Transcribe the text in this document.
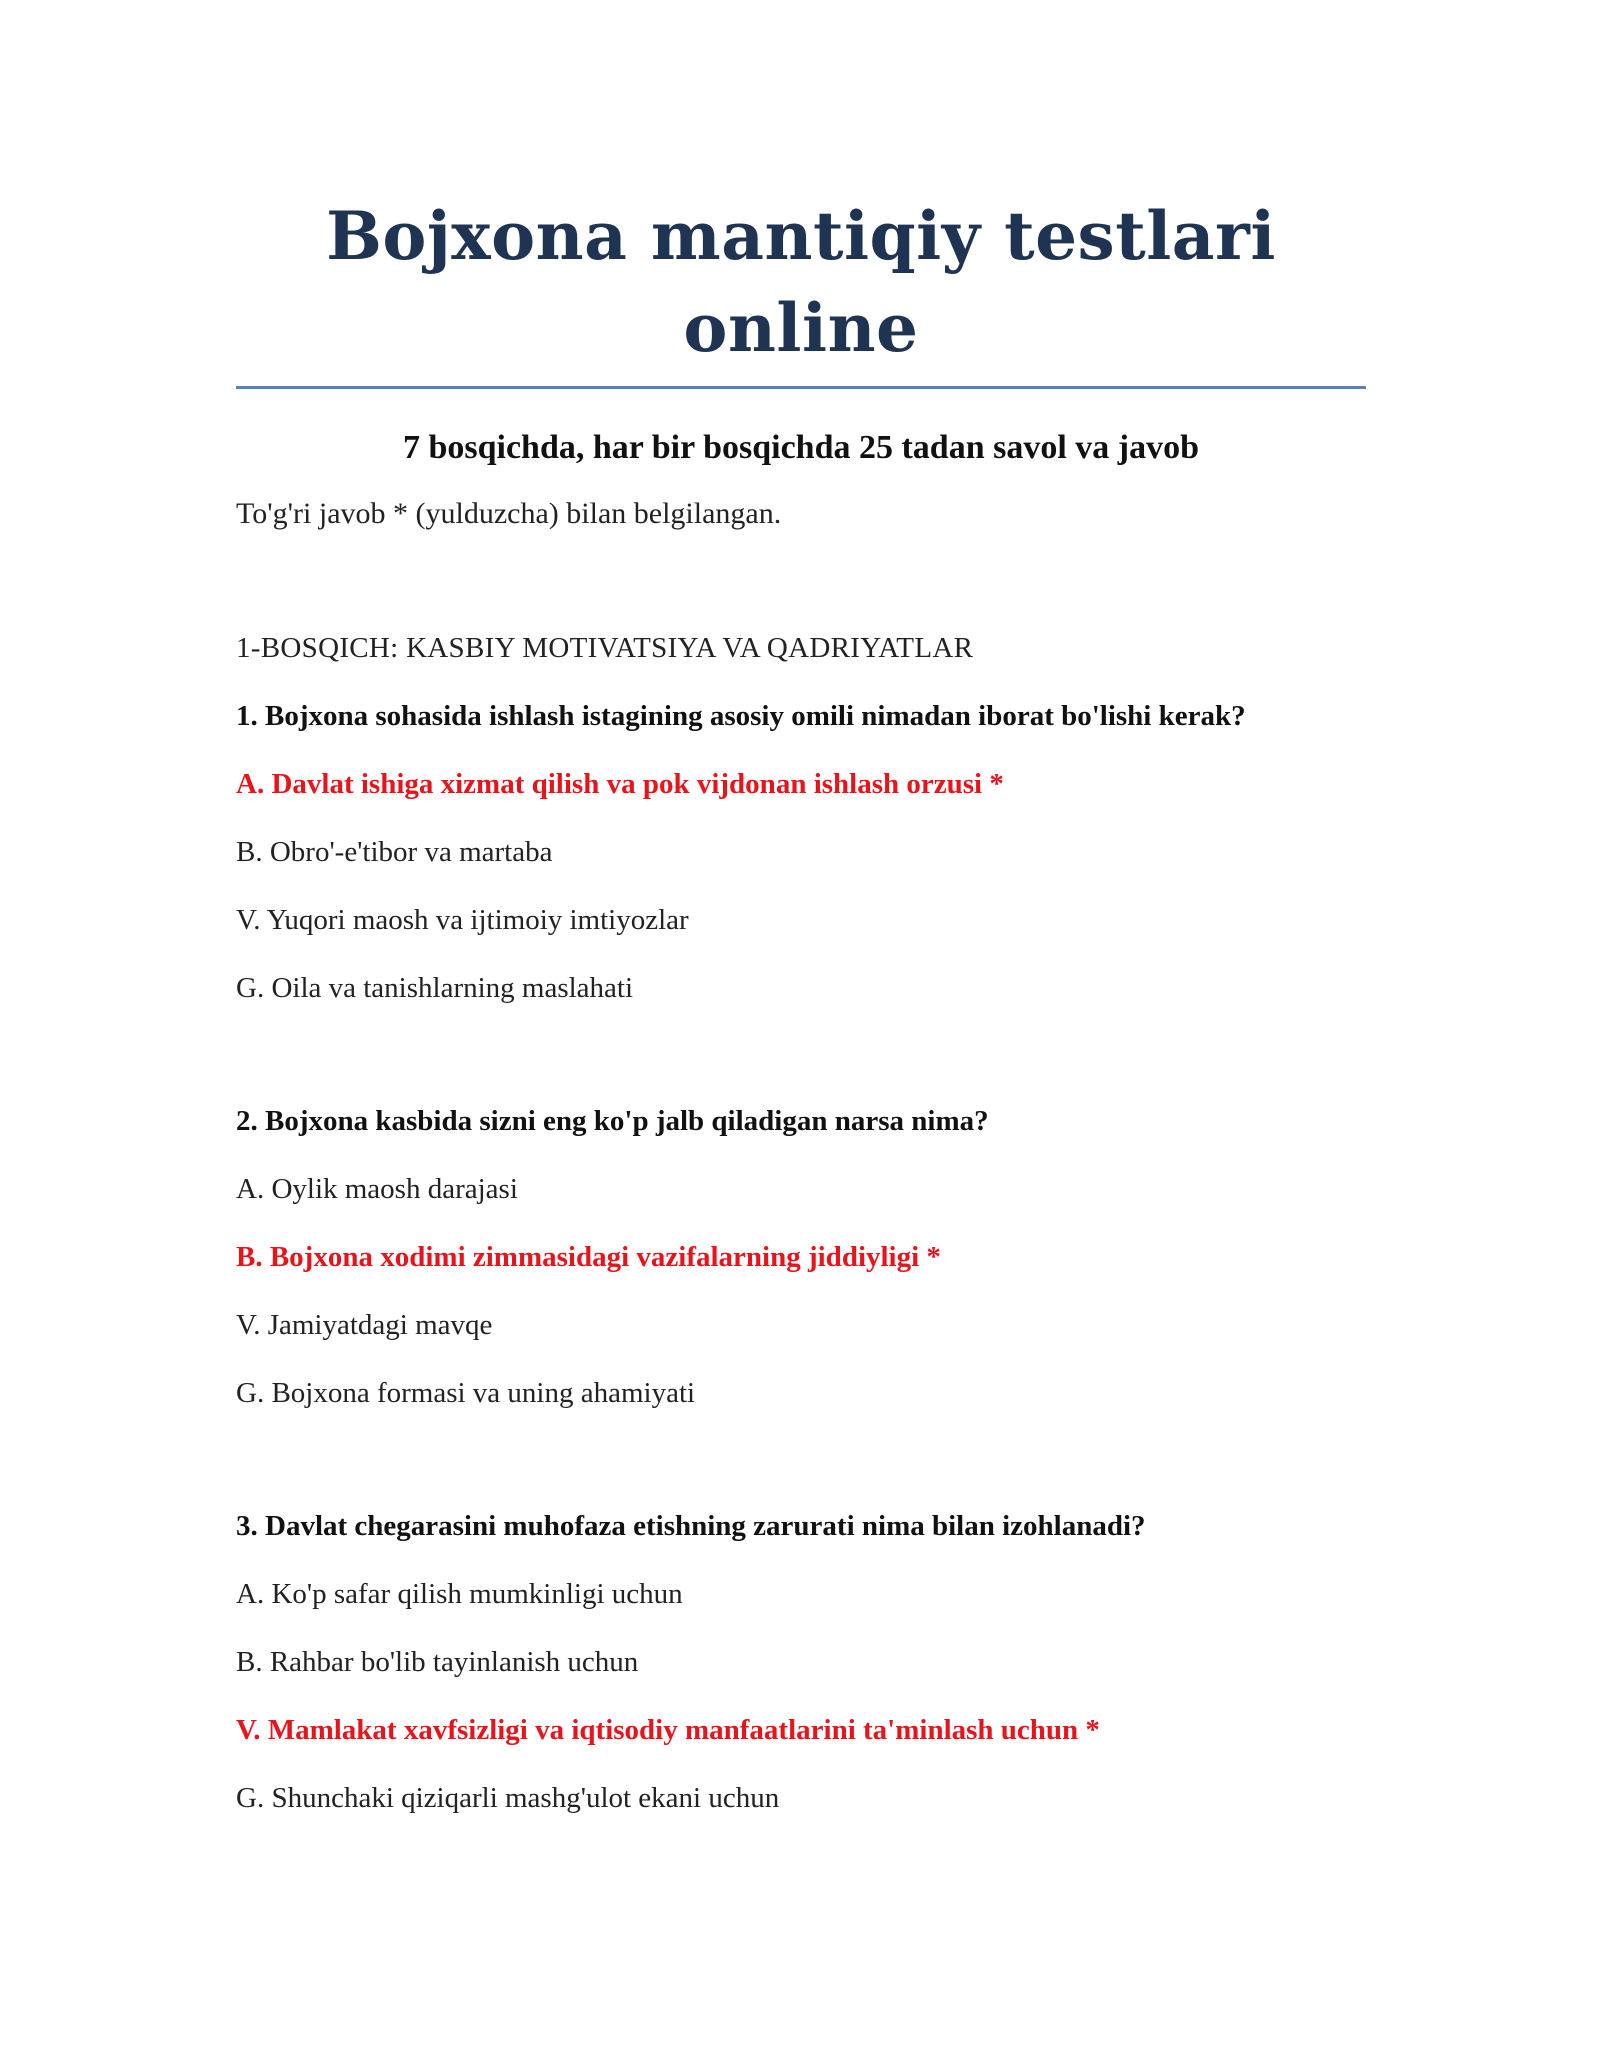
Bojxona mantiqiy testlari
online

7 bosqichda, har bir bosqichda 25 tadan savol va javob

To'g'ri javob * (yulduzcha) bilan belgilangan.

1-BOSQICH: KASBIY MOTIVATSIYA VA QADRIYATLAR

1. Bojxona sohasida ishlash istagining asosiy omili nimadan iborat bo'lishi kerak?

A. Davlat ishiga xizmat qilish va pok vijdonan ishlash orzusi *
B. Obro'-e'tibor va martaba
V. Yuqori maosh va ijtimoiy imtiyozlar
G. Oila va tanishlarning maslahati

2. Bojxona kasbida sizni eng ko'p jalb qiladigan narsa nima?

A. Oylik maosh darajasi
B. Bojxona xodimi zimmasidagi vazifalarning jiddiyligi *
V. Jamiyatdagi mavqe
G. Bojxona formasi va uning ahamiyati

3. Davlat chegarasini muhofaza etishning zarurati nima bilan izohlanadi?

A. Ko'p safar qilish mumkinligi uchun
B. Rahbar bo'lib tayinlanish uchun
V. Mamlakat xavfsizligi va iqtisodiy manfaatlarini ta'minlash uchun *
G. Shunchaki qiziqarli mashg'ulot ekani uchun
